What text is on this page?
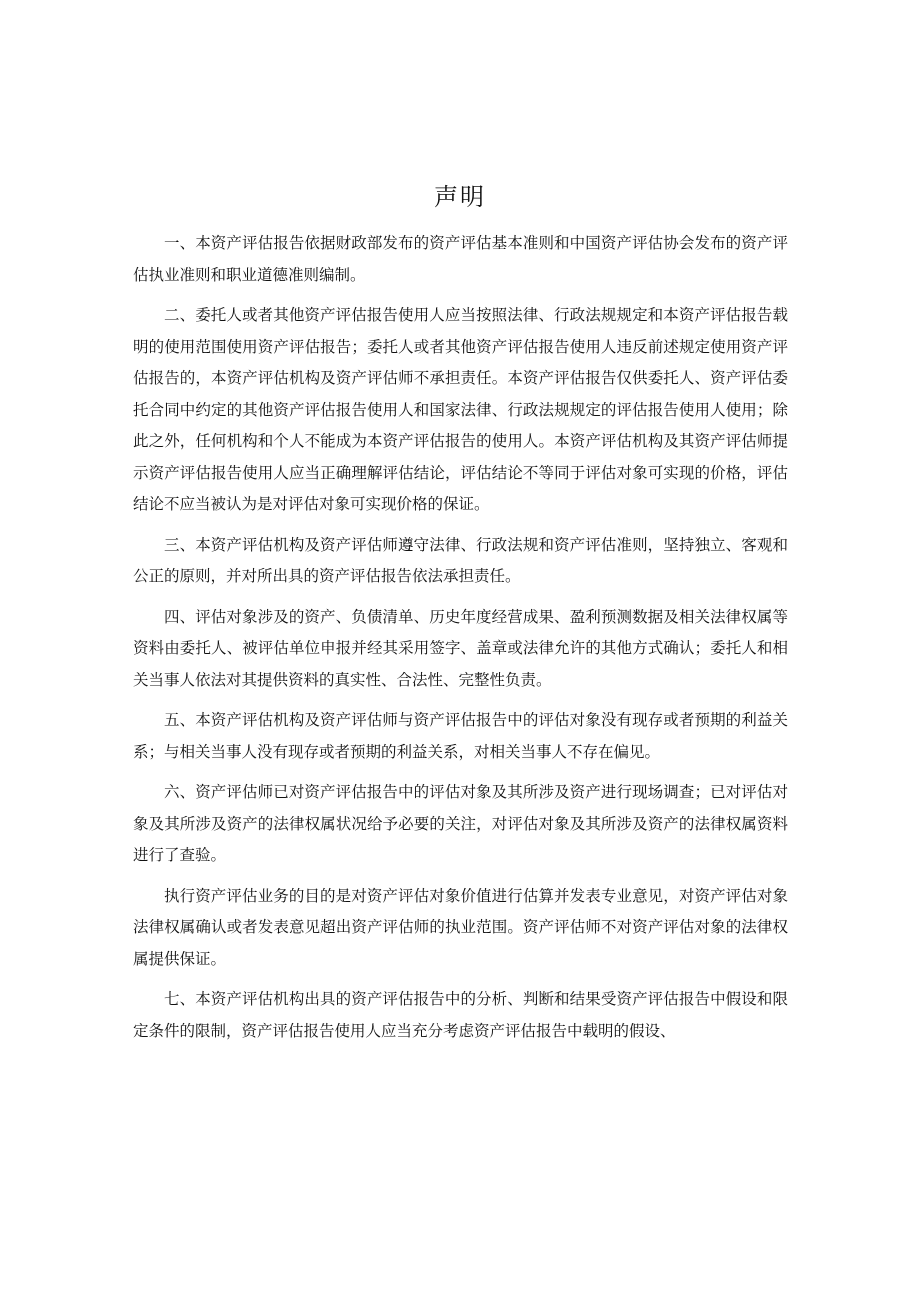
声明

一、本资产评估报告依据财政部发布的资产评估基本准则和中国资产评估协会发布的资产评估执业准则和职业道德准则编制。

二、委托人或者其他资产评估报告使用人应当按照法律、行政法规规定和本资产评估报告载明的使用范围使用资产评估报告；委托人或者其他资产评估报告使用人违反前述规定使用资产评估报告的，本资产评估机构及资产评估师不承担责任。本资产评估报告仅供委托人、资产评估委托合同中约定的其他资产评估报告使用人和国家法律、行政法规规定的评估报告使用人使用；除此之外，任何机构和个人不能成为本资产评估报告的使用人。本资产评估机构及其资产评估师提示资产评估报告使用人应当正确理解评估结论，评估结论不等同于评估对象可实现的价格，评估结论不应当被认为是对评估对象可实现价格的保证。

三、本资产评估机构及资产评估师遵守法律、行政法规和资产评估准则，坚持独立、客观和公正的原则，并对所出具的资产评估报告依法承担责任。

四、评估对象涉及的资产、负债清单、历史年度经营成果、盈利预测数据及相关法律权属等资料由委托人、被评估单位申报并经其采用签字、盖章或法律允许的其他方式确认；委托人和相关当事人依法对其提供资料的真实性、合法性、完整性负责。

五、本资产评估机构及资产评估师与资产评估报告中的评估对象没有现存或者预期的利益关系；与相关当事人没有现存或者预期的利益关系，对相关当事人不存在偏见。

六、资产评估师已对资产评估报告中的评估对象及其所涉及资产进行现场调查；已对评估对象及其所涉及资产的法律权属状况给予必要的关注，对评估对象及其所涉及资产的法律权属资料进行了查验。

执行资产评估业务的目的是对资产评估对象价值进行估算并发表专业意见，对资产评估对象法律权属确认或者发表意见超出资产评估师的执业范围。资产评估师不对资产评估对象的法律权属提供保证。

七、本资产评估机构出具的资产评估报告中的分析、判断和结果受资产评估报告中假设和限定条件的限制，资产评估报告使用人应当充分考虑资产评估报告中载明的假设、
